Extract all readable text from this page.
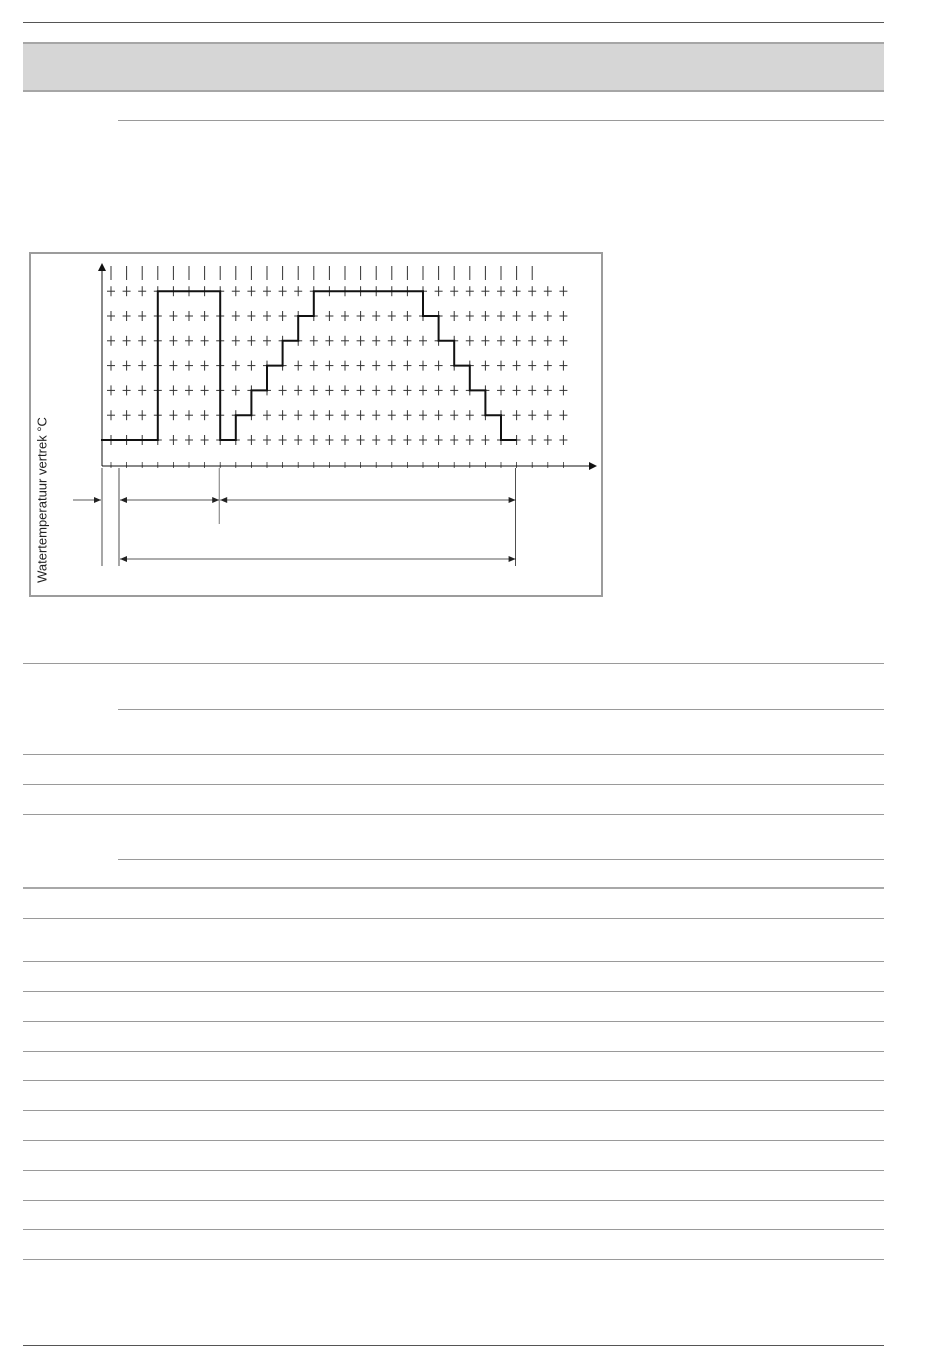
Watertemperatuur vertrek °C
